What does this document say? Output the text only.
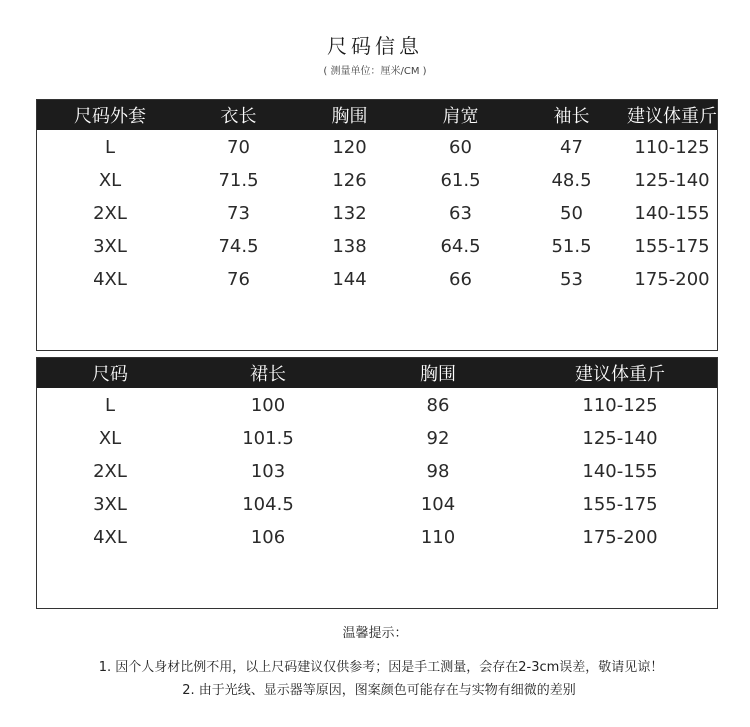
尺码信息
( 测量单位：厘米/CM )
尺码外套	衣长	胸围	肩宽	袖长	建议体重斤
L	70	120	60	47	110-125
XL	71.5	126	61.5	48.5	125-140
2XL	73	132	63	50	140-155
3XL	74.5	138	64.5	51.5	155-175
4XL	76	144	66	53	175-200
尺码	裙长	胸围	建议体重斤
L	100	86	110-125
XL	101.5	92	125-140
2XL	103	98	140-155
3XL	104.5	104	155-175
4XL	106	110	175-200
温馨提示：
1. 因个人身材比例不用，以上尺码建议仅供参考；因是手工测量，会存在2-3cm误差，敬请见谅！
2. 由于光线、显示器等原因，图案颜色可能存在与实物有细微的差别
